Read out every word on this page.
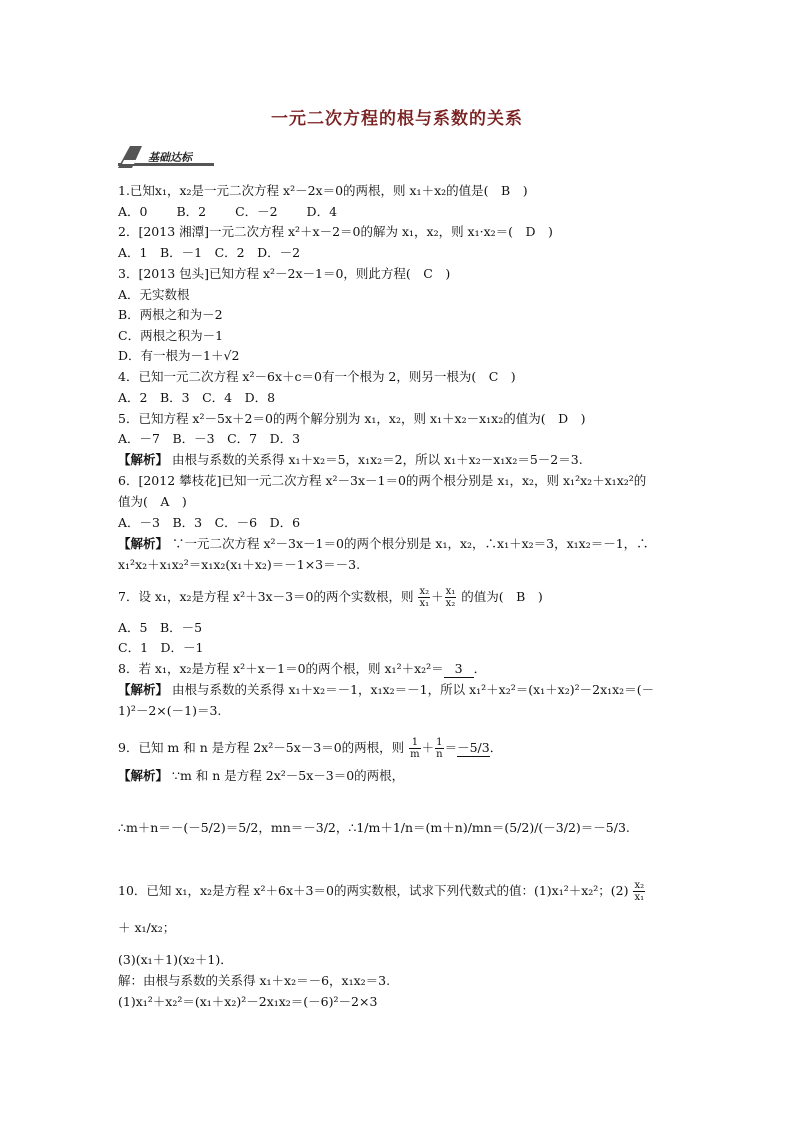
一元二次方程的根与系数的关系
基础达标
1.已知x₁，x₂是一元二次方程 x²－2x＝0的两根，则 x₁＋x₂的值是(　B　)
A．0　　 B．2　　 C．－2　　 D．4
2．[2013 湘潭]一元二次方程 x²＋x－2＝0的解为 x₁，x₂，则 x₁·x₂＝(　D　)
A．1　B．－1　C．2　D．－2
3．[2013 包头]已知方程 x²－2x－1＝0，则此方程(　C　)
A．无实数根
B．两根之和为－2
C．两根之积为－1
D．有一根为－1＋√2
4．已知一元二次方程 x²－6x＋c＝0有一个根为 2，则另一根为(　C　)
A．2　B．3　C．4　D．8
5．已知方程 x²－5x＋2＝0的两个解分别为 x₁，x₂，则 x₁＋x₂－x₁x₂的值为(　D　)
A．－7　B．－3　C．7　D．3
【解析】 由根与系数的关系得 x₁＋x₂＝5，x₁x₂＝2，所以 x₁＋x₂－x₁x₂＝5－2＝3.
6．[2012 攀枝花]已知一元二次方程 x²－3x－1＝0的两个根分别是 x₁，x₂，则 x₁²x₂＋x₁x₂²的
值为(　A　)
A．－3　B．3　C．－6　D．6
【解析】 ∵一元二次方程 x²－3x－1＝0的两个根分别是 x₁，x₂，∴x₁＋x₂＝3，x₁x₂＝－1，∴
x₁²x₂＋x₁x₂²＝x₁x₂(x₁＋x₂)＝－1×3＝－3.
7．设 x₁，x₂是方程 x²＋3x－3＝0的两个实数根，则 $\frac{\text{x₂}}{\text{x₁}} + \frac{\text{x₁}}{\text{x₂}}$ 的值为(　B　)
A．5　B．－5
C．1　D．－1
8．若 x₁，x₂是方程 x²＋x－1＝0的两个根，则 x₁²＋x₂²＝ 3 ．
【解析】 由根与系数的关系得 x₁＋x₂＝－1，x₁x₂＝－1，所以 x₁²＋x₂²＝(x₁＋x₂)²－2x₁x₂＝(－
1)²－2×(－1)＝3.
9．已知 m 和 n 是方程 2x²－5x－3＝0的两根，则 $\frac{1}{m} + \frac{1}{n} =-5/3$．
【解析】 ∵m 和 n 是方程 2x²－5x－3＝0的两根，
∴m＋n＝－(－5/2)＝5/2，mn＝－3/2，∴1/m＋1/n＝(m＋n)/mn＝(5/2)/(－3/2)＝－5/3.
10．已知 x₁，x₂是方程 x²＋6x＋3＝0的两实数根，试求下列代数式的值：(1)x₁²＋x₂²；$(2) \frac{\text{x₂}}{\text{x₁}}$
＋ x₁/x₂；
(3)(x₁＋1)(x₂＋1)．
解：由根与系数的关系得 x₁＋x₂＝－6，x₁x₂＝3.
(1)x₁²＋x₂²＝(x₁＋x₂)²－2x₁x₂＝(－6)²－2×3
